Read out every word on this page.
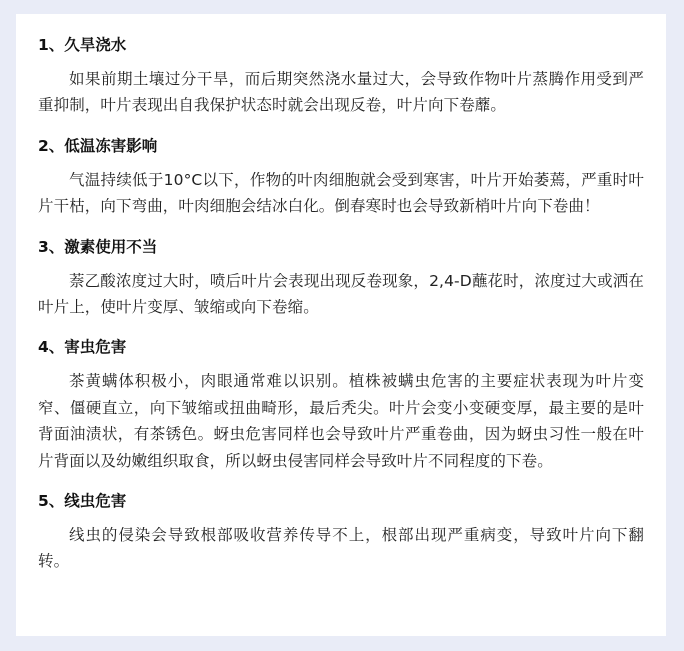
1、久旱浇水

如果前期土壤过分干旱，而后期突然浇水量过大，会导致作物叶片蒸腾作用受到严重抑制，叶片表现出自我保护状态时就会出现反卷，叶片向下卷蘼。

2、低温冻害影响

气温持续低于10°C以下，作物的叶肉细胞就会受到寒害，叶片开始萎蔫，严重时叶片干枯，向下弯曲，叶肉细胞会结冰白化。倒春寒时也会导致新梢叶片向下卷曲！

3、激素使用不当

萘乙酸浓度过大时，喷后叶片会表现出现反卷现象，2,4-D蘸花时，浓度过大或洒在叶片上，使叶片变厚、皱缩或向下卷缩。

4、害虫危害

茶黄螨体积极小，肉眼通常难以识别。植株被螨虫危害的主要症状表现为叶片变窄、僵硬直立，向下皱缩或扭曲畸形，最后秃尖。叶片会变小变硬变厚，最主要的是叶背面油渍状，有茶锈色。蚜虫危害同样也会导致叶片严重卷曲，因为蚜虫习性一般在叶片背面以及幼嫩组织取食，所以蚜虫侵害同样会导致叶片不同程度的下卷。

5、线虫危害

线虫的侵染会导致根部吸收营养传导不上，根部出现严重病变，导致叶片向下翻转。
